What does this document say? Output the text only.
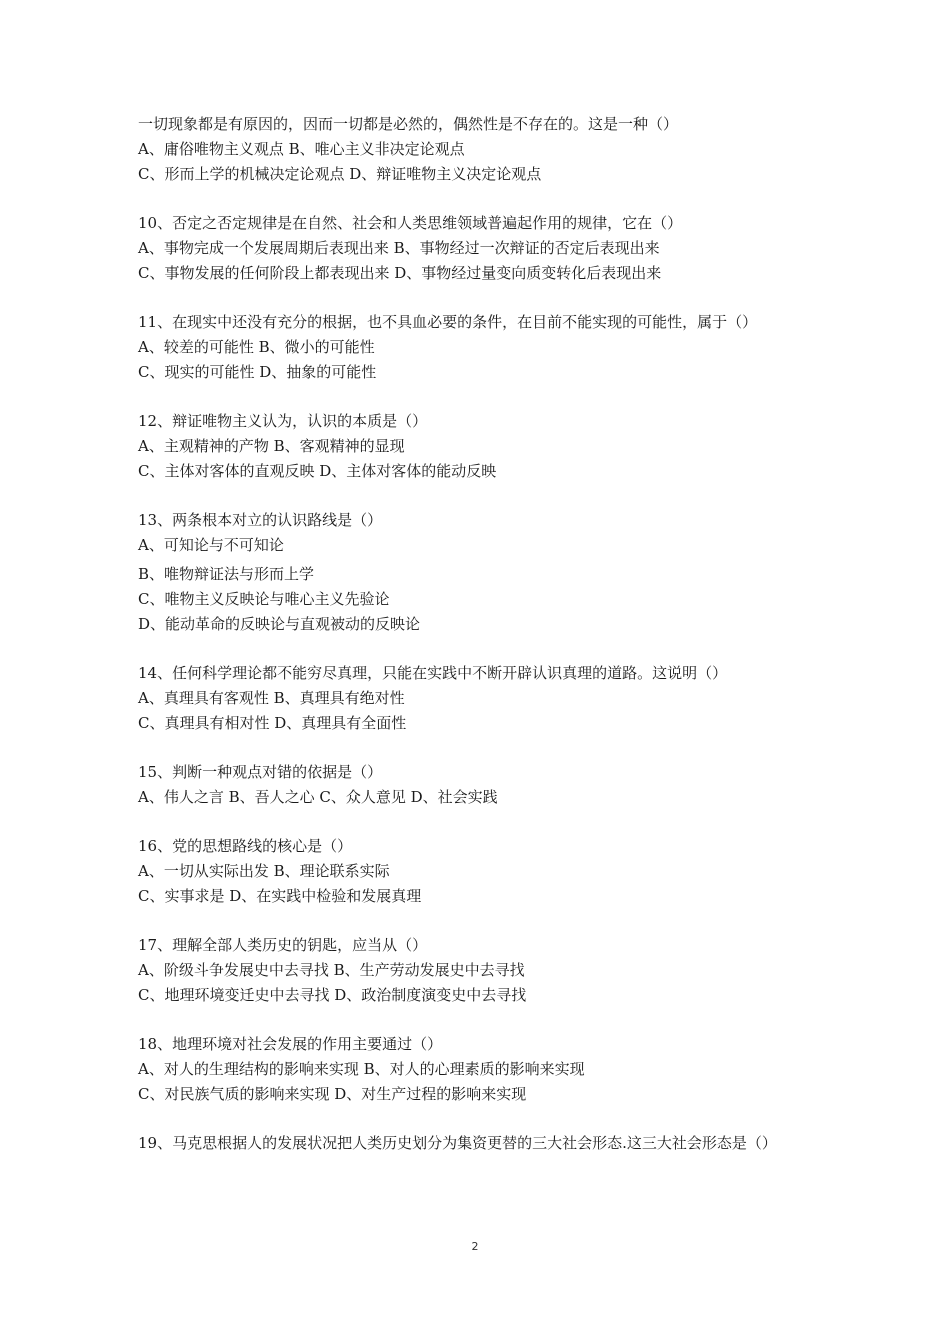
一切现象都是有原因的，因而一切都是必然的，偶然性是不存在的。这是一种（）
A、庸俗唯物主义观点 B、唯心主义非决定论观点
C、形而上学的机械决定论观点 D、辩证唯物主义决定论观点
10、否定之否定规律是在自然、社会和人类思维领域普遍起作用的规律，它在（）
A、事物完成一个发展周期后表现出来 B、事物经过一次辩证的否定后表现出来
C、事物发展的任何阶段上都表现出来 D、事物经过量变向质变转化后表现出来
11、在现实中还没有充分的根据，也不具血必要的条件，在目前不能实现的可能性，属于（）
A、较差的可能性 B、微小的可能性
C、现实的可能性 D、抽象的可能性
12、辩证唯物主义认为，认识的本质是（）
A、主观精神的产物 B、客观精神的显现
C、主体对客体的直观反映 D、主体对客体的能动反映
13、两条根本对立的认识路线是（）
A、可知论与不可知论
B、唯物辩证法与形而上学
C、唯物主义反映论与唯心主义先验论
D、能动革命的反映论与直观被动的反映论
14、任何科学理论都不能穷尽真理，只能在实践中不断开辟认识真理的道路。这说明（）
A、真理具有客观性 B、真理具有绝对性
C、真理具有相对性 D、真理具有全面性
15、判断一种观点对错的依据是（）
A、伟人之言 B、吾人之心 C、众人意见 D、社会实践
16、党的思想路线的核心是（）
A、一切从实际出发 B、理论联系实际
C、实事求是 D、在实践中检验和发展真理
17、理解全部人类历史的钥匙，应当从（）
A、阶级斗争发展史中去寻找 B、生产劳动发展史中去寻找
C、地理环境变迁史中去寻找 D、政治制度演变史中去寻找
18、地理环境对社会发展的作用主要通过（）
A、对人的生理结构的影响来实现 B、对人的心理素质的影响来实现
C、对民族气质的影响来实现 D、对生产过程的影响来实现
19、马克思根据人的发展状况把人类历史划分为集资更替的三大社会形态.这三大社会形态是（）
2
